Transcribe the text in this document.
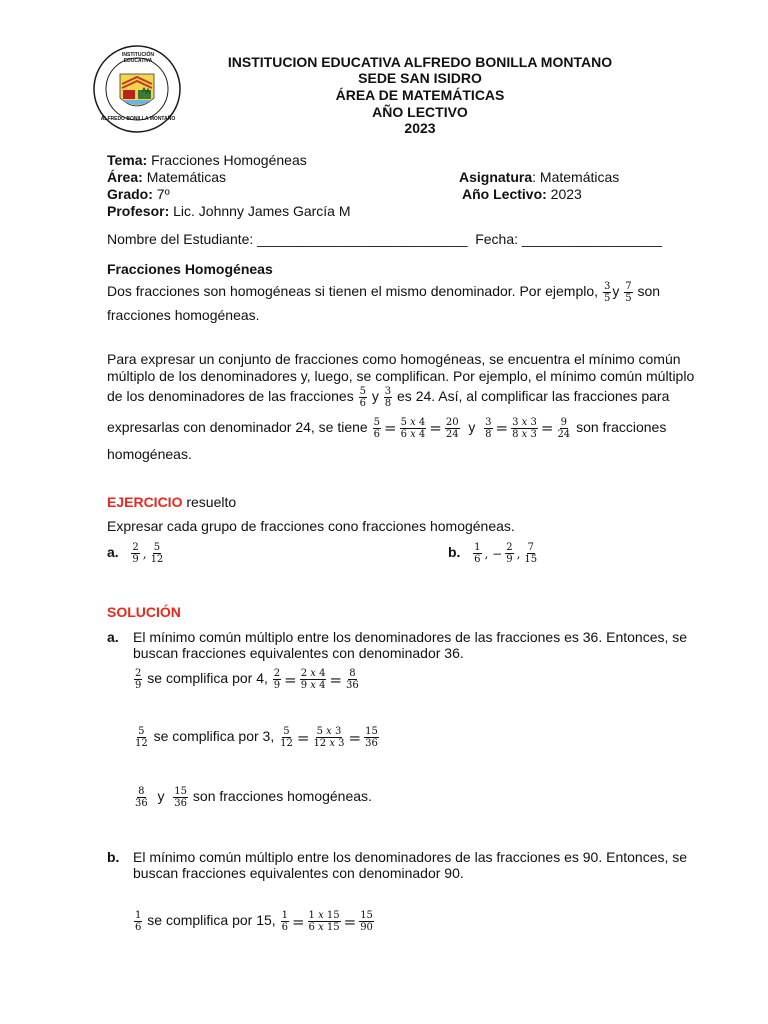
INSTITUCIÓN EDUCATIVA
ALFREDO BONILLA MONTAÑO
INSTITUCION EDUCATIVA ALFREDO BONILLA MONTANO
SEDE SAN ISIDRO
ÁREA DE MATEMÁTICAS
AÑO LECTIVO
2023
Tema: Fracciones Homogéneas
Área: Matemáticas	Asignatura: Matemáticas
Grado: 7º	Año Lectivo: 2023
Profesor: Lic. Johnny James García M
Nombre del Estudiante: ___________________________  Fecha: __________________
Fracciones Homogéneas
Dos fracciones son homogéneas si tienen el mismo denominador. Por ejemplo, $\frac{3}{5}$ y $\frac{7}{5}$ son
fracciones homogéneas.
Para expresar un conjunto de fracciones como homogéneas, se encuentra el mínimo común
múltiplo de los denominadores y, luego, se complifican. Por ejemplo, el mínimo común múltiplo
de los denominadores de las fracciones $\frac{5}{6}$ y $\frac{3}{8}$ es 24. Así, al complificar las fracciones para
expresarlas con denominador 24, se tiene $\frac{5}{6} = \frac{5 x 4}{6 x 4} = \frac{20}{24}$ y $\frac{3}{8} = \frac{3 x 3}{8 x 3} = \frac{9}{24}$ son fracciones
homogéneas.
EJERCICIO resuelto
Expresar cada grupo de fracciones cono fracciones homogéneas.
a. $\frac{2}{9}$ , $\frac{5}{12}$	b. $\frac{1}{6}$ , − $\frac{2}{9}$ , $\frac{7}{15}$
SOLUCIÓN
a. El mínimo común múltiplo entre los denominadores de las fracciones es 36. Entonces, se
buscan fracciones equivalentes con denominador 36.
$\frac{2}{9}$ se complifica por 4, $\frac{2}{9} = \frac{2 x 4}{9 x 4} = \frac{8}{36}$
$\frac{5}{12}$ se complifica por 3, $\frac{5}{12} = \frac{5 x 3}{12 x 3} = \frac{15}{36}$
$\frac{8}{36}$ y $\frac{15}{36}$ son fracciones homogéneas.
b. El mínimo común múltiplo entre los denominadores de las fracciones es 90. Entonces, se
buscan fracciones equivalentes con denominador 90.
$\frac{1}{6}$ se complifica por 15, $\frac{1}{6} = \frac{1 x 15}{6 x 15} = \frac{15}{90}$
